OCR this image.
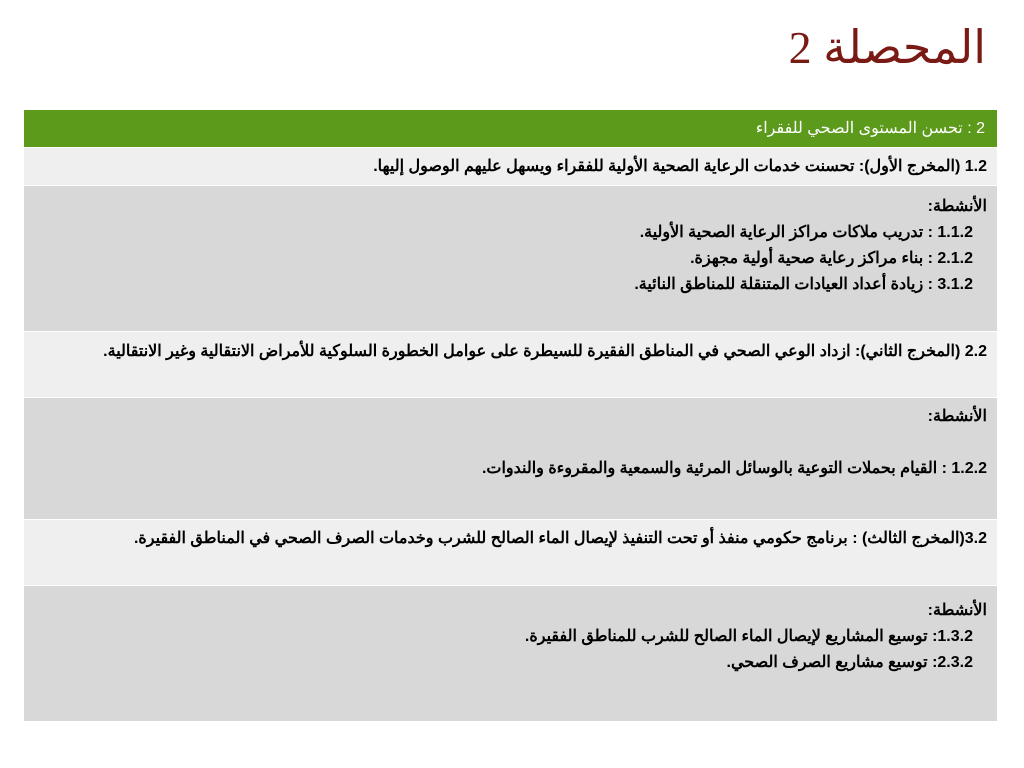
المحصلة 2
2 : تحسن المستوى الصحي للفقراء
1.2 (المخرج الأول): تحسنت خدمات الرعاية الصحية الأولية للفقراء ويسهل عليهم الوصول إليها.
الأنشطة:
1.1.2 : تدريب ملاكات مراكز الرعاية الصحية الأولية.
2.1.2 : بناء مراكز رعاية صحية أولية مجهزة.
3.1.2 : زيادة أعداد العيادات المتنقلة للمناطق النائية.
2.2 (المخرج الثاني): ازداد الوعي الصحي في المناطق الفقيرة للسيطرة على عوامل الخطورة السلوكية للأمراض الانتقالية وغير الانتقالية.
الأنشطة:
1.2.2 : القيام بحملات التوعية بالوسائل المرئية والسمعية والمقروءة والندوات.
3.2(المخرج الثالث) : برنامج حكومي منفذ أو تحت التنفيذ لإيصال الماء الصالح للشرب وخدمات الصرف الصحي في المناطق الفقيرة.
الأنشطة:
1.3.2: توسيع المشاريع لإيصال الماء الصالح للشرب للمناطق الفقيرة.
2.3.2: توسيع مشاريع الصرف الصحي.
